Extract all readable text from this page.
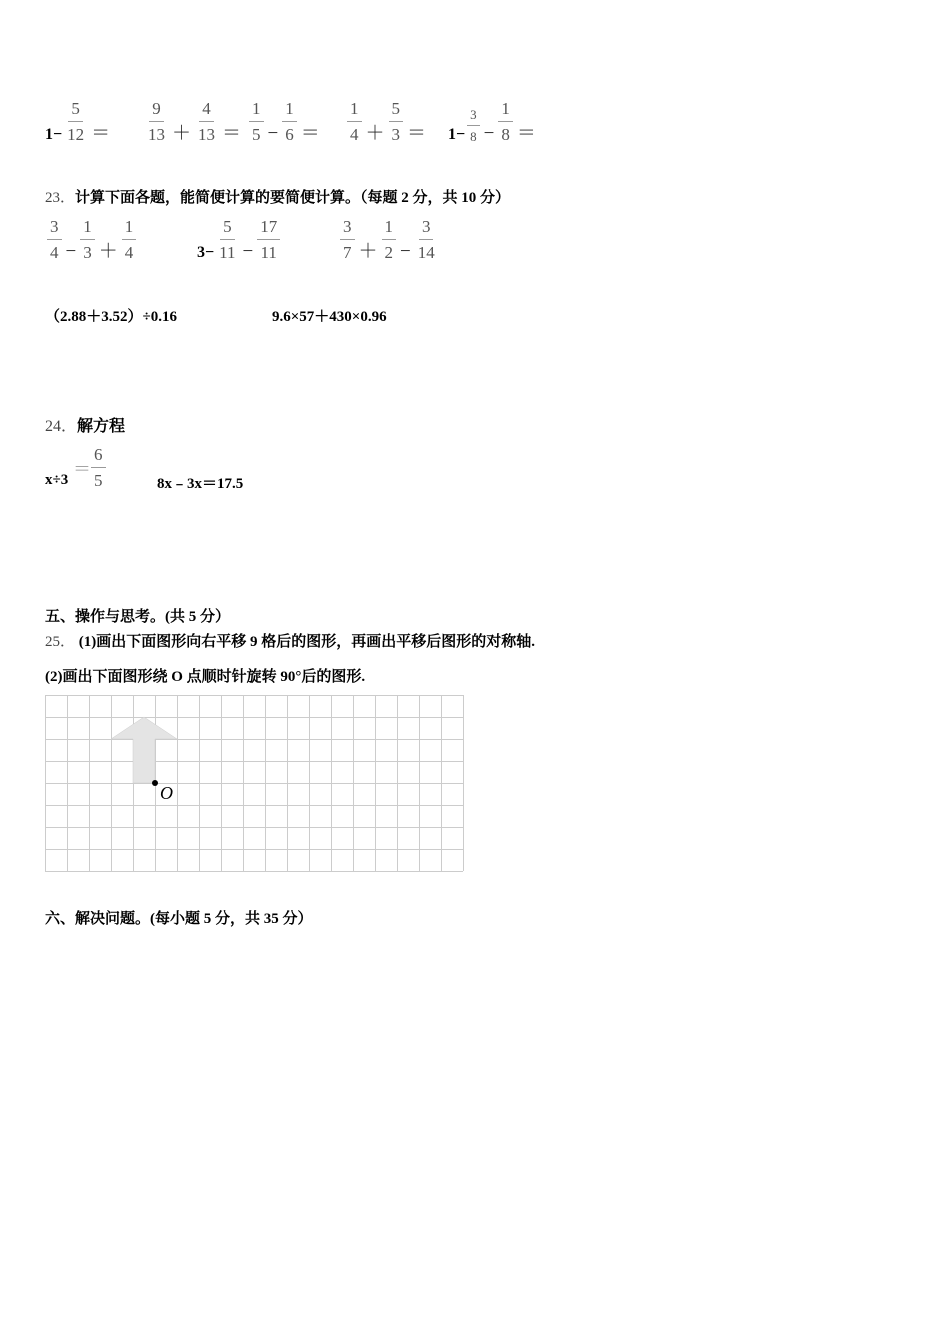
$1- \frac{5}{12} = \frac{9}{13} + \frac{4}{13} = \frac{1}{5} - \frac{1}{6} = \frac{1}{4} + \frac{5}{3} = 1- \frac{3}{8} - \frac{1}{8}$ ＝
23．计算下面各题，能简便计算的要简便计算。（每题 2 分，共 10 分）
$\frac{3}{4} - \frac{1}{3} + \frac{1}{4}$	$3- \frac{5}{11} - \frac{17}{11}$	$\frac{3}{7} + \frac{1}{2} - \frac{3}{14}$
（2.88＋3.52）÷0.16	9.6×57＋430×0.96
24．解方程
x÷3
＝ $\frac{6}{5}$	8x﹣3x＝17.5
五、操作与思考。(共 5 分）
25． (1)画出下面图形向右平移 9 格后的图形，再画出平移后图形的对称轴.
(2)画出下面图形绕 O 点顺时针旋转 90°后的图形.
O
六、解决问题。(每小题 5 分，共 35 分）
